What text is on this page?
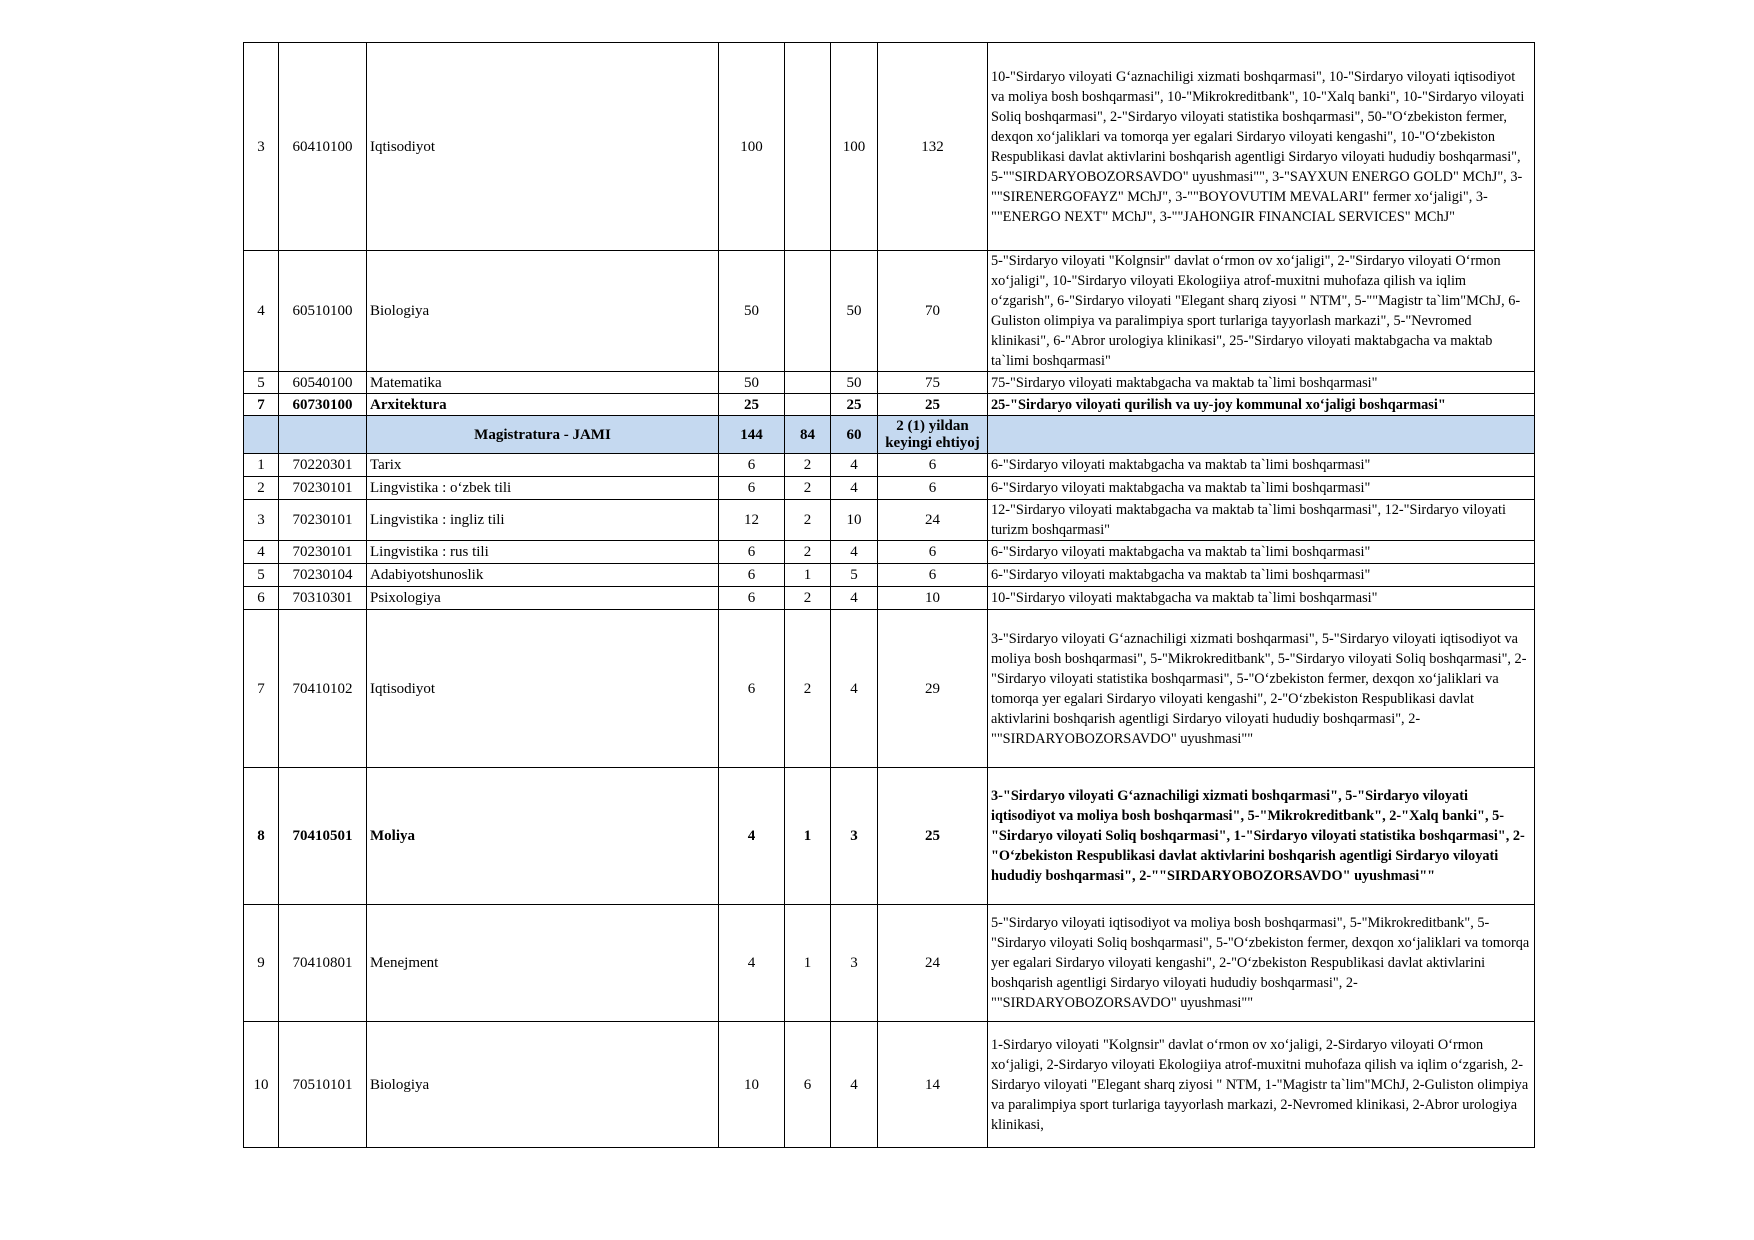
3	60410100	Iqtisodiyot	100		100	132	10-"Sirdaryo viloyati G‘aznachiligi xizmati boshqarmasi", 10-"Sirdaryo viloyati iqtisodiyot va moliya bosh boshqarmasi", 10-"Mikrokreditbank", 10-"Xalq banki", 10-"Sirdaryo viloyati Soliq boshqarmasi", 2-"Sirdaryo viloyati statistika boshqarmasi", 50-"O‘zbekiston fermer, dexqon xo‘jaliklari va tomorqa yer egalari Sirdaryo viloyati kengashi", 10-"O‘zbekiston Respublikasi davlat aktivlarini boshqarish agentligi Sirdaryo viloyati hududiy boshqarmasi", 5-""SIRDARYOBOZORSAVDO" uyushmasi"", 3-"SAYXUN ENERGO GOLD" MChJ", 3-""SIRENERGOFAYZ" MChJ", 3-""BOYOVUTIM MEVALARI" fermer xo‘jaligi", 3-""ENERGO NEXT" MChJ", 3-""JAHONGIR FINANCIAL SERVICES" MChJ"
4	60510100	Biologiya	50		50	70	5-"Sirdaryo viloyati "Kolgnsir" davlat o‘rmon ov xo‘jaligi", 2-"Sirdaryo viloyati O‘rmon xo‘jaligi", 10-"Sirdaryo viloyati Ekologiiya atrof-muxitni muhofaza qilish va iqlim o‘zgarish", 6-"Sirdaryo viloyati "Elegant sharq ziyosi " NTM", 5-""Magistr ta`lim"MChJ, 6-Guliston olimpiya va paralimpiya sport turlariga tayyorlash markazi", 5-"Nevromed klinikasi", 6-"Abror urologiya klinikasi", 25-"Sirdaryo viloyati maktabgacha va maktab ta`limi boshqarmasi"
5	60540100	Matematika	50		50	75	75-"Sirdaryo viloyati maktabgacha va maktab ta`limi boshqarmasi"
7	60730100	Arxitektura	25		25	25	25-"Sirdaryo viloyati qurilish va uy-joy kommunal xo‘jaligi boshqarmasi"
		Magistratura - JAMI	144	84	60	2 (1) yildan keyingi ehtiyoj	
1	70220301	Tarix	6	2	4	6	6-"Sirdaryo viloyati maktabgacha va maktab ta`limi boshqarmasi"
2	70230101	Lingvistika : o‘zbek tili	6	2	4	6	6-"Sirdaryo viloyati maktabgacha va maktab ta`limi boshqarmasi"
3	70230101	Lingvistika : ingliz tili	12	2	10	24	12-"Sirdaryo viloyati maktabgacha va maktab ta`limi boshqarmasi", 12-"Sirdaryo viloyati turizm boshqarmasi"
4	70230101	Lingvistika : rus tili	6	2	4	6	6-"Sirdaryo viloyati maktabgacha va maktab ta`limi boshqarmasi"
5	70230104	Adabiyotshunoslik	6	1	5	6	6-"Sirdaryo viloyati maktabgacha va maktab ta`limi boshqarmasi"
6	70310301	Psixologiya	6	2	4	10	10-"Sirdaryo viloyati maktabgacha va maktab ta`limi boshqarmasi"
7	70410102	Iqtisodiyot	6	2	4	29	3-"Sirdaryo viloyati G‘aznachiligi xizmati boshqarmasi", 5-"Sirdaryo viloyati iqtisodiyot va moliya bosh boshqarmasi", 5-"Mikrokreditbank", 5-"Sirdaryo viloyati Soliq boshqarmasi", 2-"Sirdaryo viloyati statistika boshqarmasi", 5-"O‘zbekiston fermer, dexqon xo‘jaliklari va tomorqa yer egalari Sirdaryo viloyati kengashi", 2-"O‘zbekiston Respublikasi davlat aktivlarini boshqarish agentligi Sirdaryo viloyati hududiy boshqarmasi", 2-""SIRDARYOBOZORSAVDO" uyushmasi""
8	70410501	Moliya	4	1	3	25	3-"Sirdaryo viloyati G‘aznachiligi xizmati boshqarmasi", 5-"Sirdaryo viloyati iqtisodiyot va moliya bosh boshqarmasi", 5-"Mikrokreditbank", 2-"Xalq banki", 5-"Sirdaryo viloyati Soliq boshqarmasi", 1-"Sirdaryo viloyati statistika boshqarmasi", 2-"O‘zbekiston Respublikasi davlat aktivlarini boshqarish agentligi Sirdaryo viloyati hududiy boshqarmasi", 2-""SIRDARYOBOZORSAVDO" uyushmasi""
9	70410801	Menejment	4	1	3	24	5-"Sirdaryo viloyati iqtisodiyot va moliya bosh boshqarmasi", 5-"Mikrokreditbank", 5-"Sirdaryo viloyati Soliq boshqarmasi", 5-"O‘zbekiston fermer, dexqon xo‘jaliklari va tomorqa yer egalari Sirdaryo viloyati kengashi", 2-"O‘zbekiston Respublikasi davlat aktivlarini boshqarish agentligi Sirdaryo viloyati hududiy boshqarmasi", 2-""SIRDARYOBOZORSAVDO" uyushmasi""
10	70510101	Biologiya	10	6	4	14	1-Sirdaryo viloyati "Kolgnsir" davlat o‘rmon ov xo‘jaligi, 2-Sirdaryo viloyati O‘rmon xo‘jaligi, 2-Sirdaryo viloyati Ekologiiya atrof-muxitni muhofaza qilish va iqlim o‘zgarish, 2-Sirdaryo viloyati "Elegant sharq ziyosi " NTM, 1-"Magistr ta`lim"MChJ, 2-Guliston olimpiya va paralimpiya sport turlariga tayyorlash markazi, 2-Nevromed klinikasi, 2-Abror urologiya klinikasi,
